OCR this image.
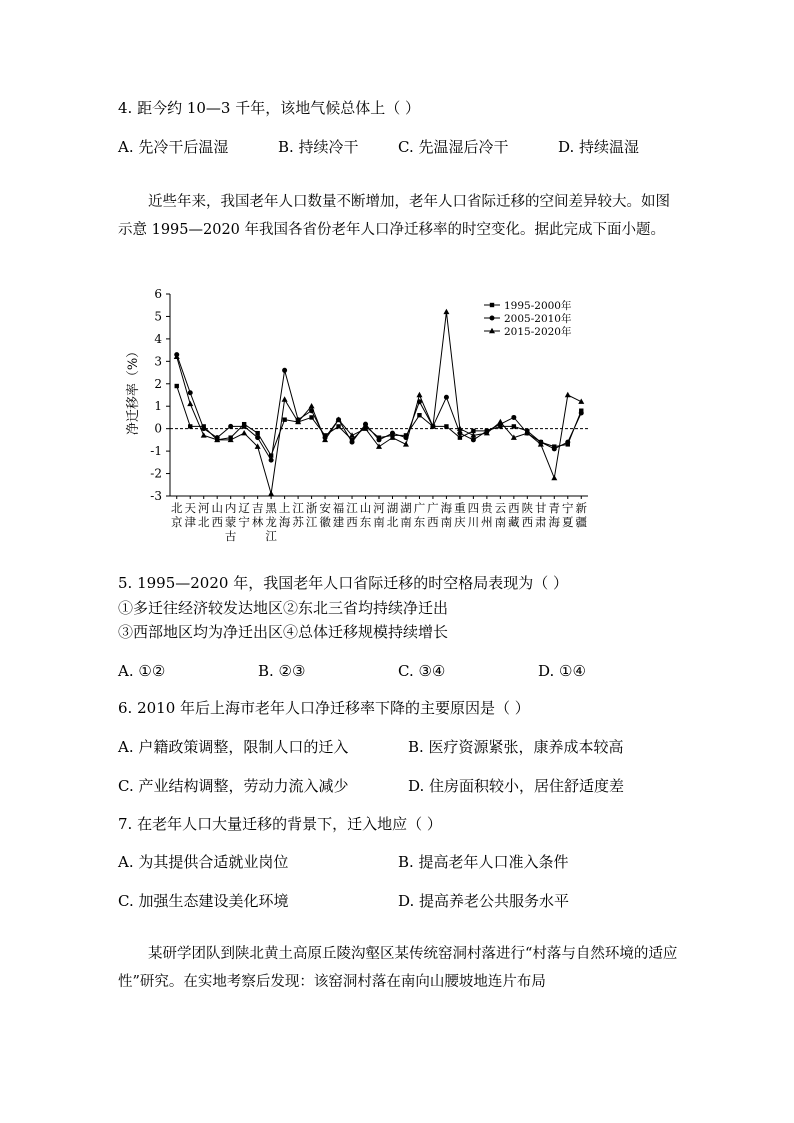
4. 距今约 10—3 千年，该地气候总体上（ ）
A. 先冷干后温湿	B. 持续冷干	C. 先温湿后冷干	D. 持续温湿
近些年来，我国老年人口数量不断增加，老年人口省际迁移的空间差异较大。如图示意 1995—2020 年我国各省份老年人口净迁移率的时空变化。据此完成下面小题。
6
5
4
3
2
1
0
-1
-2
-3
北
京
天
津
河
北
山
西
内
蒙
古
辽
宁
吉
林
黑
龙
江
上
海
江
苏
浙
江
安
徽
福
建
江
西
山
东
河
南
湖
北
湖
南
广
东
广
西
海
南
重
庆
四
川
贵
州
云
南
西
藏
陕
西
甘
肃
青
海
宁
夏
新
疆
1995-2000年
2005-2010年
2015-2020年
净迁移率（%）
5. 1995—2020 年，我国老年人口省际迁移的时空格局表现为（ ）
①多迁往经济较发达地区②东北三省均持续净迁出
③西部地区均为净迁出区④总体迁移规模持续增长
A. ①②	B. ②③	C. ③④	D. ①④
6. 2010 年后上海市老年人口净迁移率下降的主要原因是（ ）
A. 户籍政策调整，限制人口的迁入	B. 医疗资源紧张，康养成本较高
C. 产业结构调整，劳动力流入减少	D. 住房面积较小，居住舒适度差
7. 在老年人口大量迁移的背景下，迁入地应（ ）
A. 为其提供合适就业岗位	B. 提高老年人口准入条件
C. 加强生态建设美化环境	D. 提高养老公共服务水平
某研学团队到陕北黄土高原丘陵沟壑区某传统窑洞村落进行“村落与自然环境的适应性”研究。在实地考察后发现：该窑洞村落在南向山腰坡地连片布局
